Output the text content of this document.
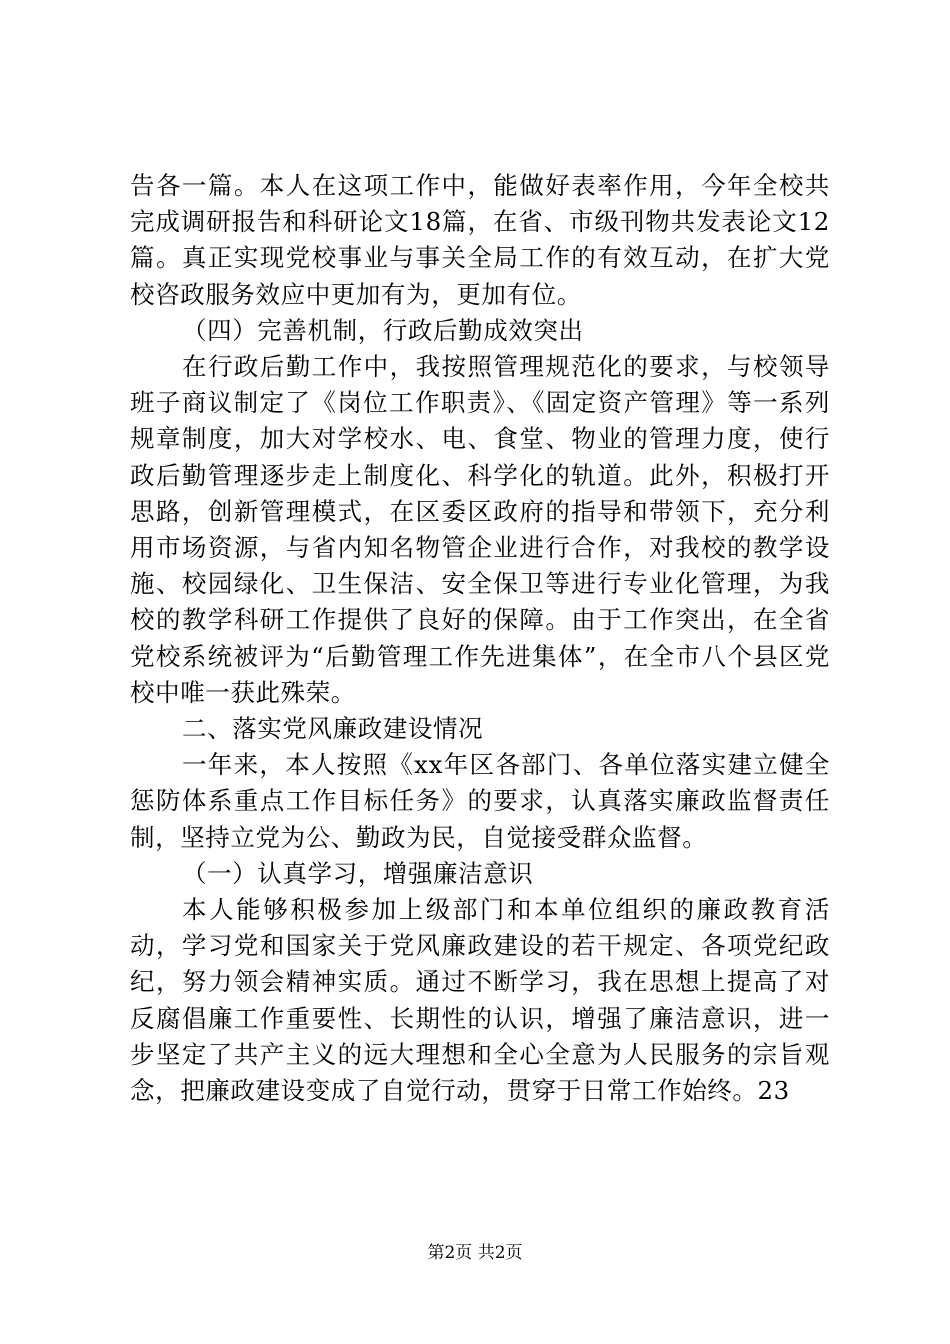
告各一篇。本人在这项工作中，能做好表率作用，今年全校共完成调研报告和科研论文18篇，在省、市级刊物共发表论文12篇。真正实现党校事业与事关全局工作的有效互动，在扩大党校咨政服务效应中更加有为，更加有位。

（四）完善机制，行政后勤成效突出

在行政后勤工作中，我按照管理规范化的要求，与校领导班子商议制定了《岗位工作职责》、《固定资产管理》等一系列规章制度，加大对学校水、电、食堂、物业的管理力度，使行政后勤管理逐步走上制度化、科学化的轨道。此外，积极打开思路，创新管理模式，在区委区政府的指导和带领下，充分利用市场资源，与省内知名物管企业进行合作，对我校的教学设施、校园绿化、卫生保洁、安全保卫等进行专业化管理，为我校的教学科研工作提供了良好的保障。由于工作突出，在全省党校系统被评为“后勤管理工作先进集体”，在全市八个县区党校中唯一获此殊荣。

二、落实党风廉政建设情况

一年来，本人按照《xx年区各部门、各单位落实建立健全惩防体系重点工作目标任务》的要求，认真落实廉政监督责任制，坚持立党为公、勤政为民，自觉接受群众监督。

（一）认真学习，增强廉洁意识

本人能够积极参加上级部门和本单位组织的廉政教育活动，学习党和国家关于党风廉政建设的若干规定、各项党纪政纪，努力领会精神实质。通过不断学习，我在思想上提高了对反腐倡廉工作重要性、长期性的认识，增强了廉洁意识，进一步坚定了共产主义的远大理想和全心全意为人民服务的宗旨观念，把廉政建设变成了自觉行动，贯穿于日常工作始终。23

第2页 共2页
